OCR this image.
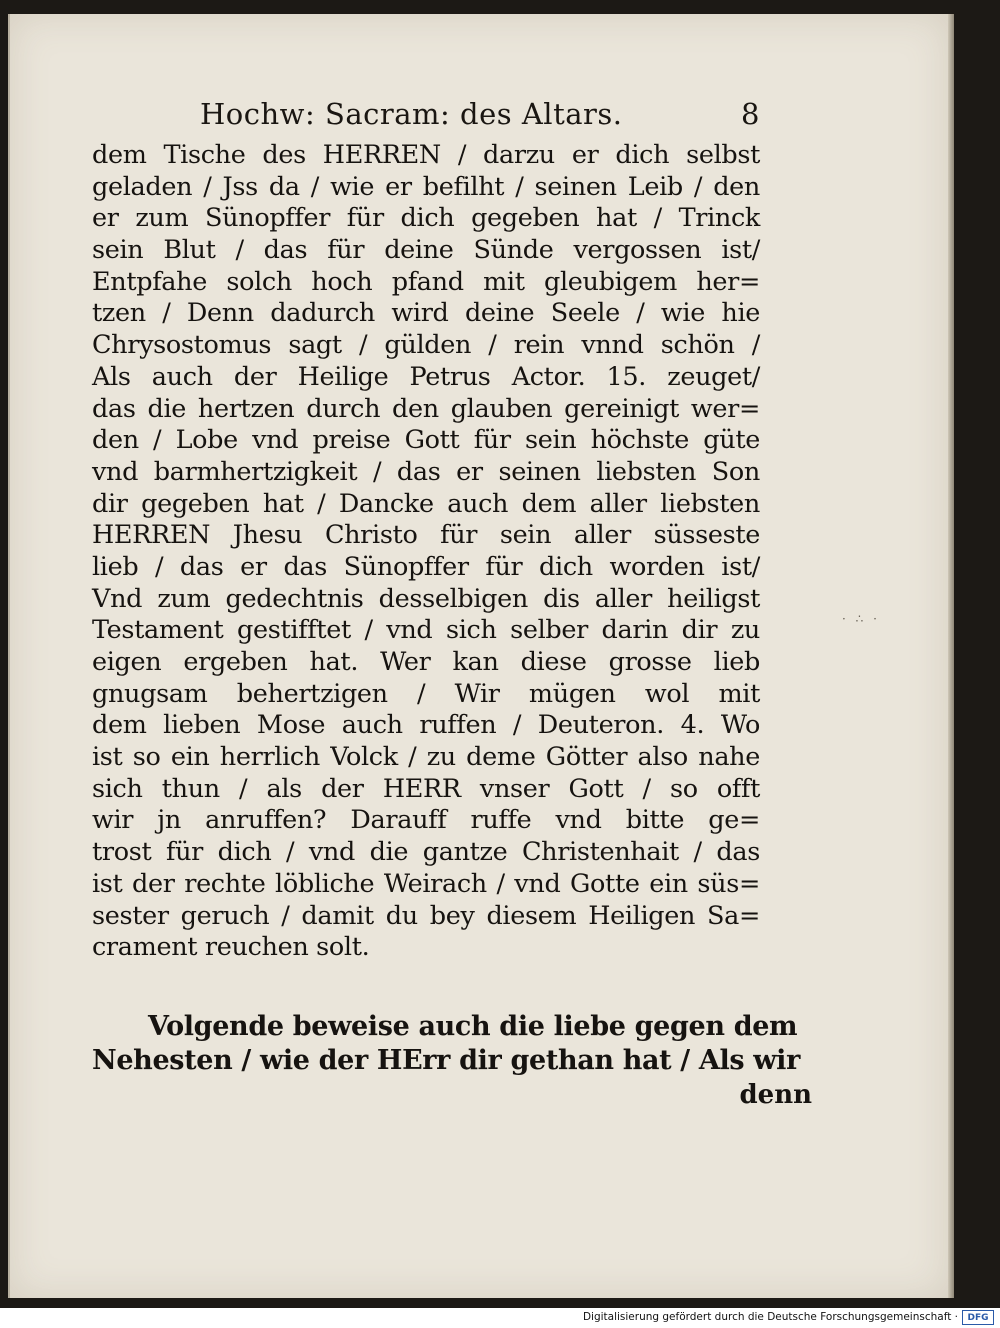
Hochw: Sacram: des Altars.	8
dem Tische des HERREN / darzu er dich selbst
geladen / Jss da / wie er befilht / seinen Leib / den
er zum Sünopffer für dich gegeben hat / Trinck
sein Blut / das für deine Sünde vergossen ist/
Entpfahe solch hoch pfand mit gleubigem her=
tzen / Denn dadurch wird deine Seele / wie hie
Chrysostomus sagt / gülden / rein vnnd schön /
Als auch der Heilige Petrus Actor. 15. zeuget/
das die hertzen durch den glauben gereinigt wer=
den / Lobe vnd preise Gott für sein höchste güte
vnd barmhertzigkeit / das er seinen liebsten Son
dir gegeben hat / Dancke auch dem aller liebsten
HERREN Jhesu Christo für sein aller süsseste
lieb / das er das Sünopffer für dich worden ist/
Vnd zum gedechtnis desselbigen dis aller heiligst
Testament gestifftet / vnd sich selber darin dir zu
eigen ergeben hat. Wer kan diese grosse lieb
gnugsam behertzigen / Wir mügen wol mit
dem lieben Mose auch ruffen / Deuteron. 4. Wo
ist so ein herrlich Volck / zu deme Götter also nahe
sich thun / als der HERR vnser Gott / so offt
wir jn anruffen? Darauff ruffe vnd bitte ge=
trost für dich / vnd die gantze Christenhait / das
ist der rechte löbliche Weirach / vnd Gotte ein süs=
sester geruch / damit du bey diesem Heiligen Sa=
crament reuchen solt.
Volgende beweise auch die liebe gegen dem
Nehesten / wie der HErr dir gethan hat / Als wir
denn
· ∴ ·
Digitalisierung gefördert durch die Deutsche Forschungsgemeinschaft ·	DFG
